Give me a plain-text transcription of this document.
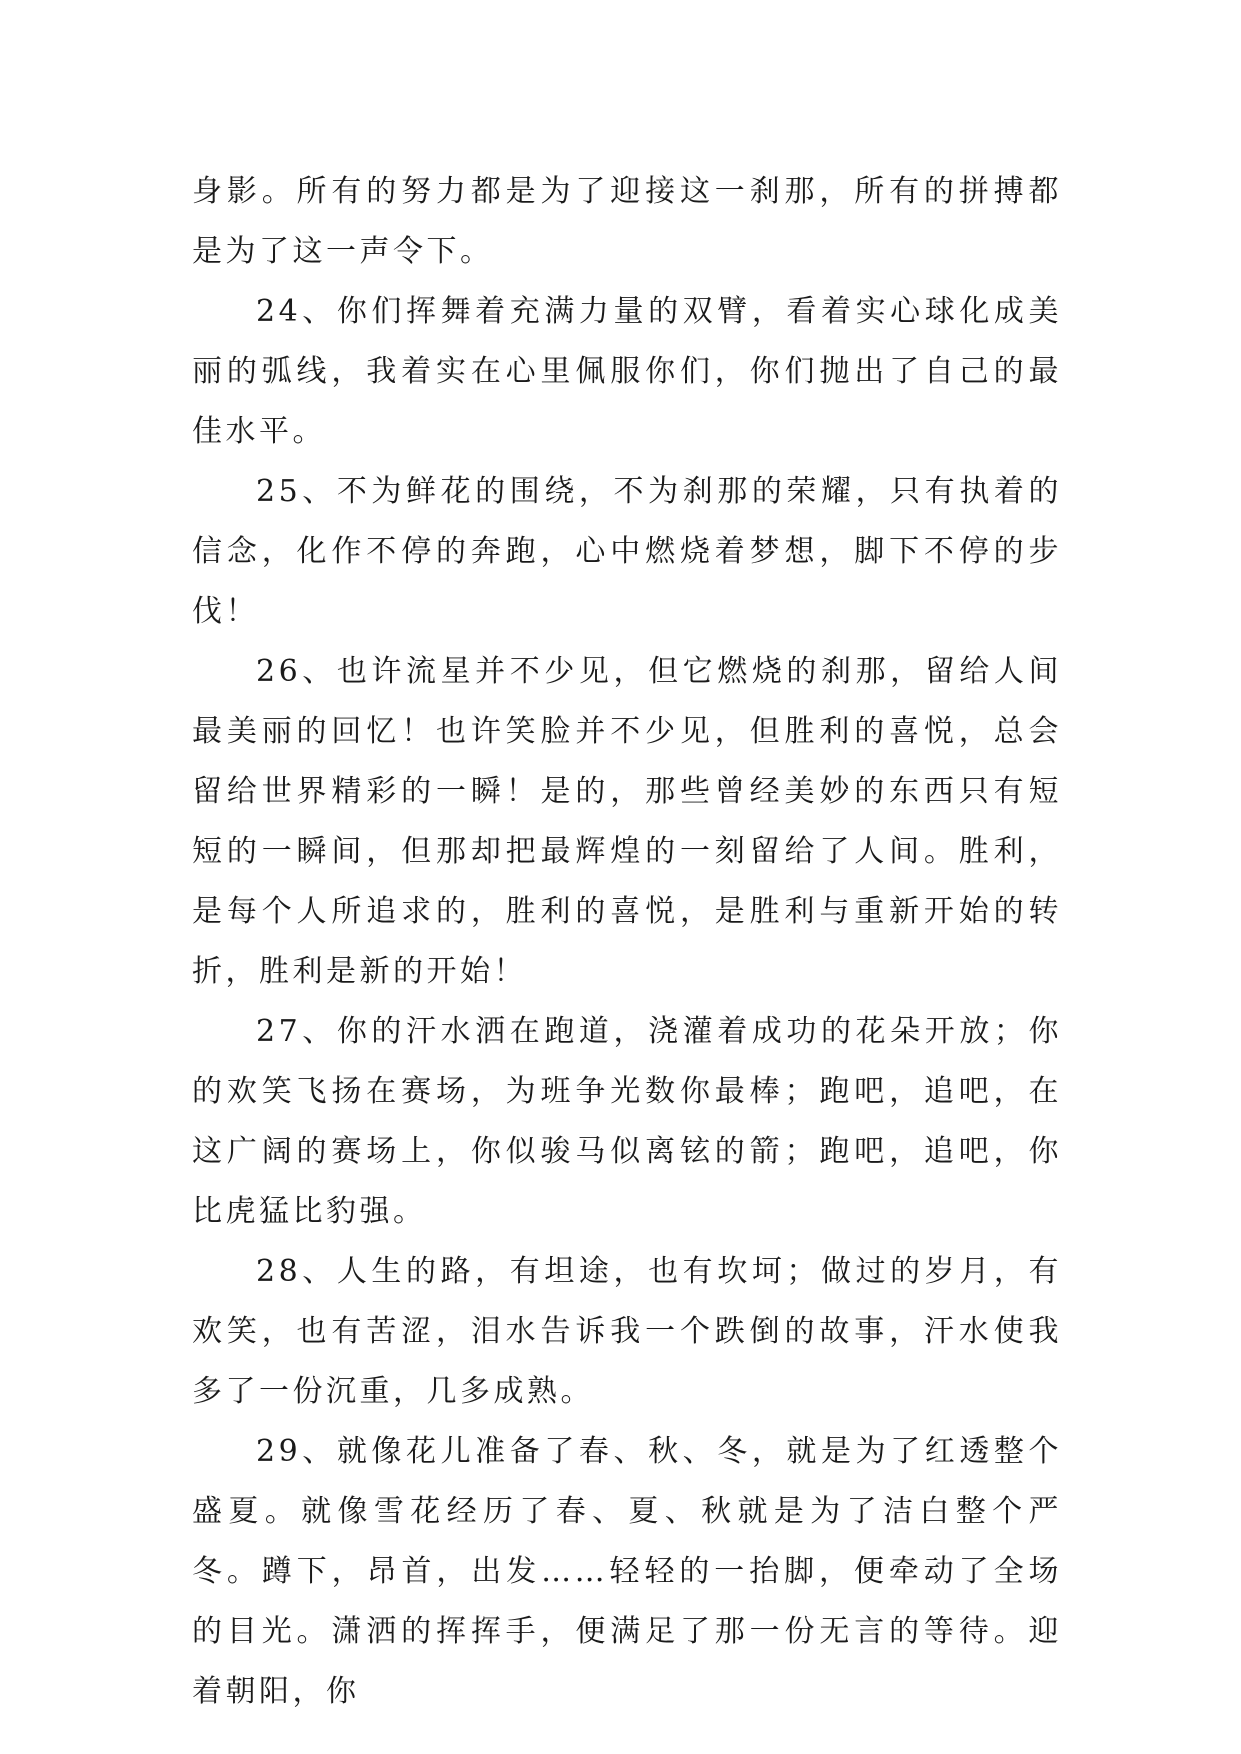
身影。所有的努力都是为了迎接这一刹那，所有的拼搏都是为了这一声令下。

24、你们挥舞着充满力量的双臂，看着实心球化成美丽的弧线，我着实在心里佩服你们，你们抛出了自己的最佳水平。

25、不为鲜花的围绕，不为刹那的荣耀，只有执着的信念，化作不停的奔跑，心中燃烧着梦想，脚下不停的步伐！

26、也许流星并不少见，但它燃烧的刹那，留给人间最美丽的回忆！也许笑脸并不少见，但胜利的喜悦，总会留给世界精彩的一瞬！是的，那些曾经美妙的东西只有短短的一瞬间，但那却把最辉煌的一刻留给了人间。胜利，是每个人所追求的，胜利的喜悦，是胜利与重新开始的转折，胜利是新的开始！

27、你的汗水洒在跑道，浇灌着成功的花朵开放；你的欢笑飞扬在赛场，为班争光数你最棒；跑吧，追吧，在这广阔的赛场上，你似骏马似离铉的箭；跑吧，追吧，你比虎猛比豹强。

28、人生的路，有坦途，也有坎坷；做过的岁月，有欢笑，也有苦涩，泪水告诉我一个跌倒的故事，汗水使我多了一份沉重，几多成熟。

29、就像花儿准备了春、秋、冬，就是为了红透整个盛夏。就像雪花经历了春、夏、秋就是为了洁白整个严冬。蹲下，昂首，出发……轻轻的一抬脚，便牵动了全场的目光。潇洒的挥挥手，便满足了那一份无言的等待。迎着朝阳，你
